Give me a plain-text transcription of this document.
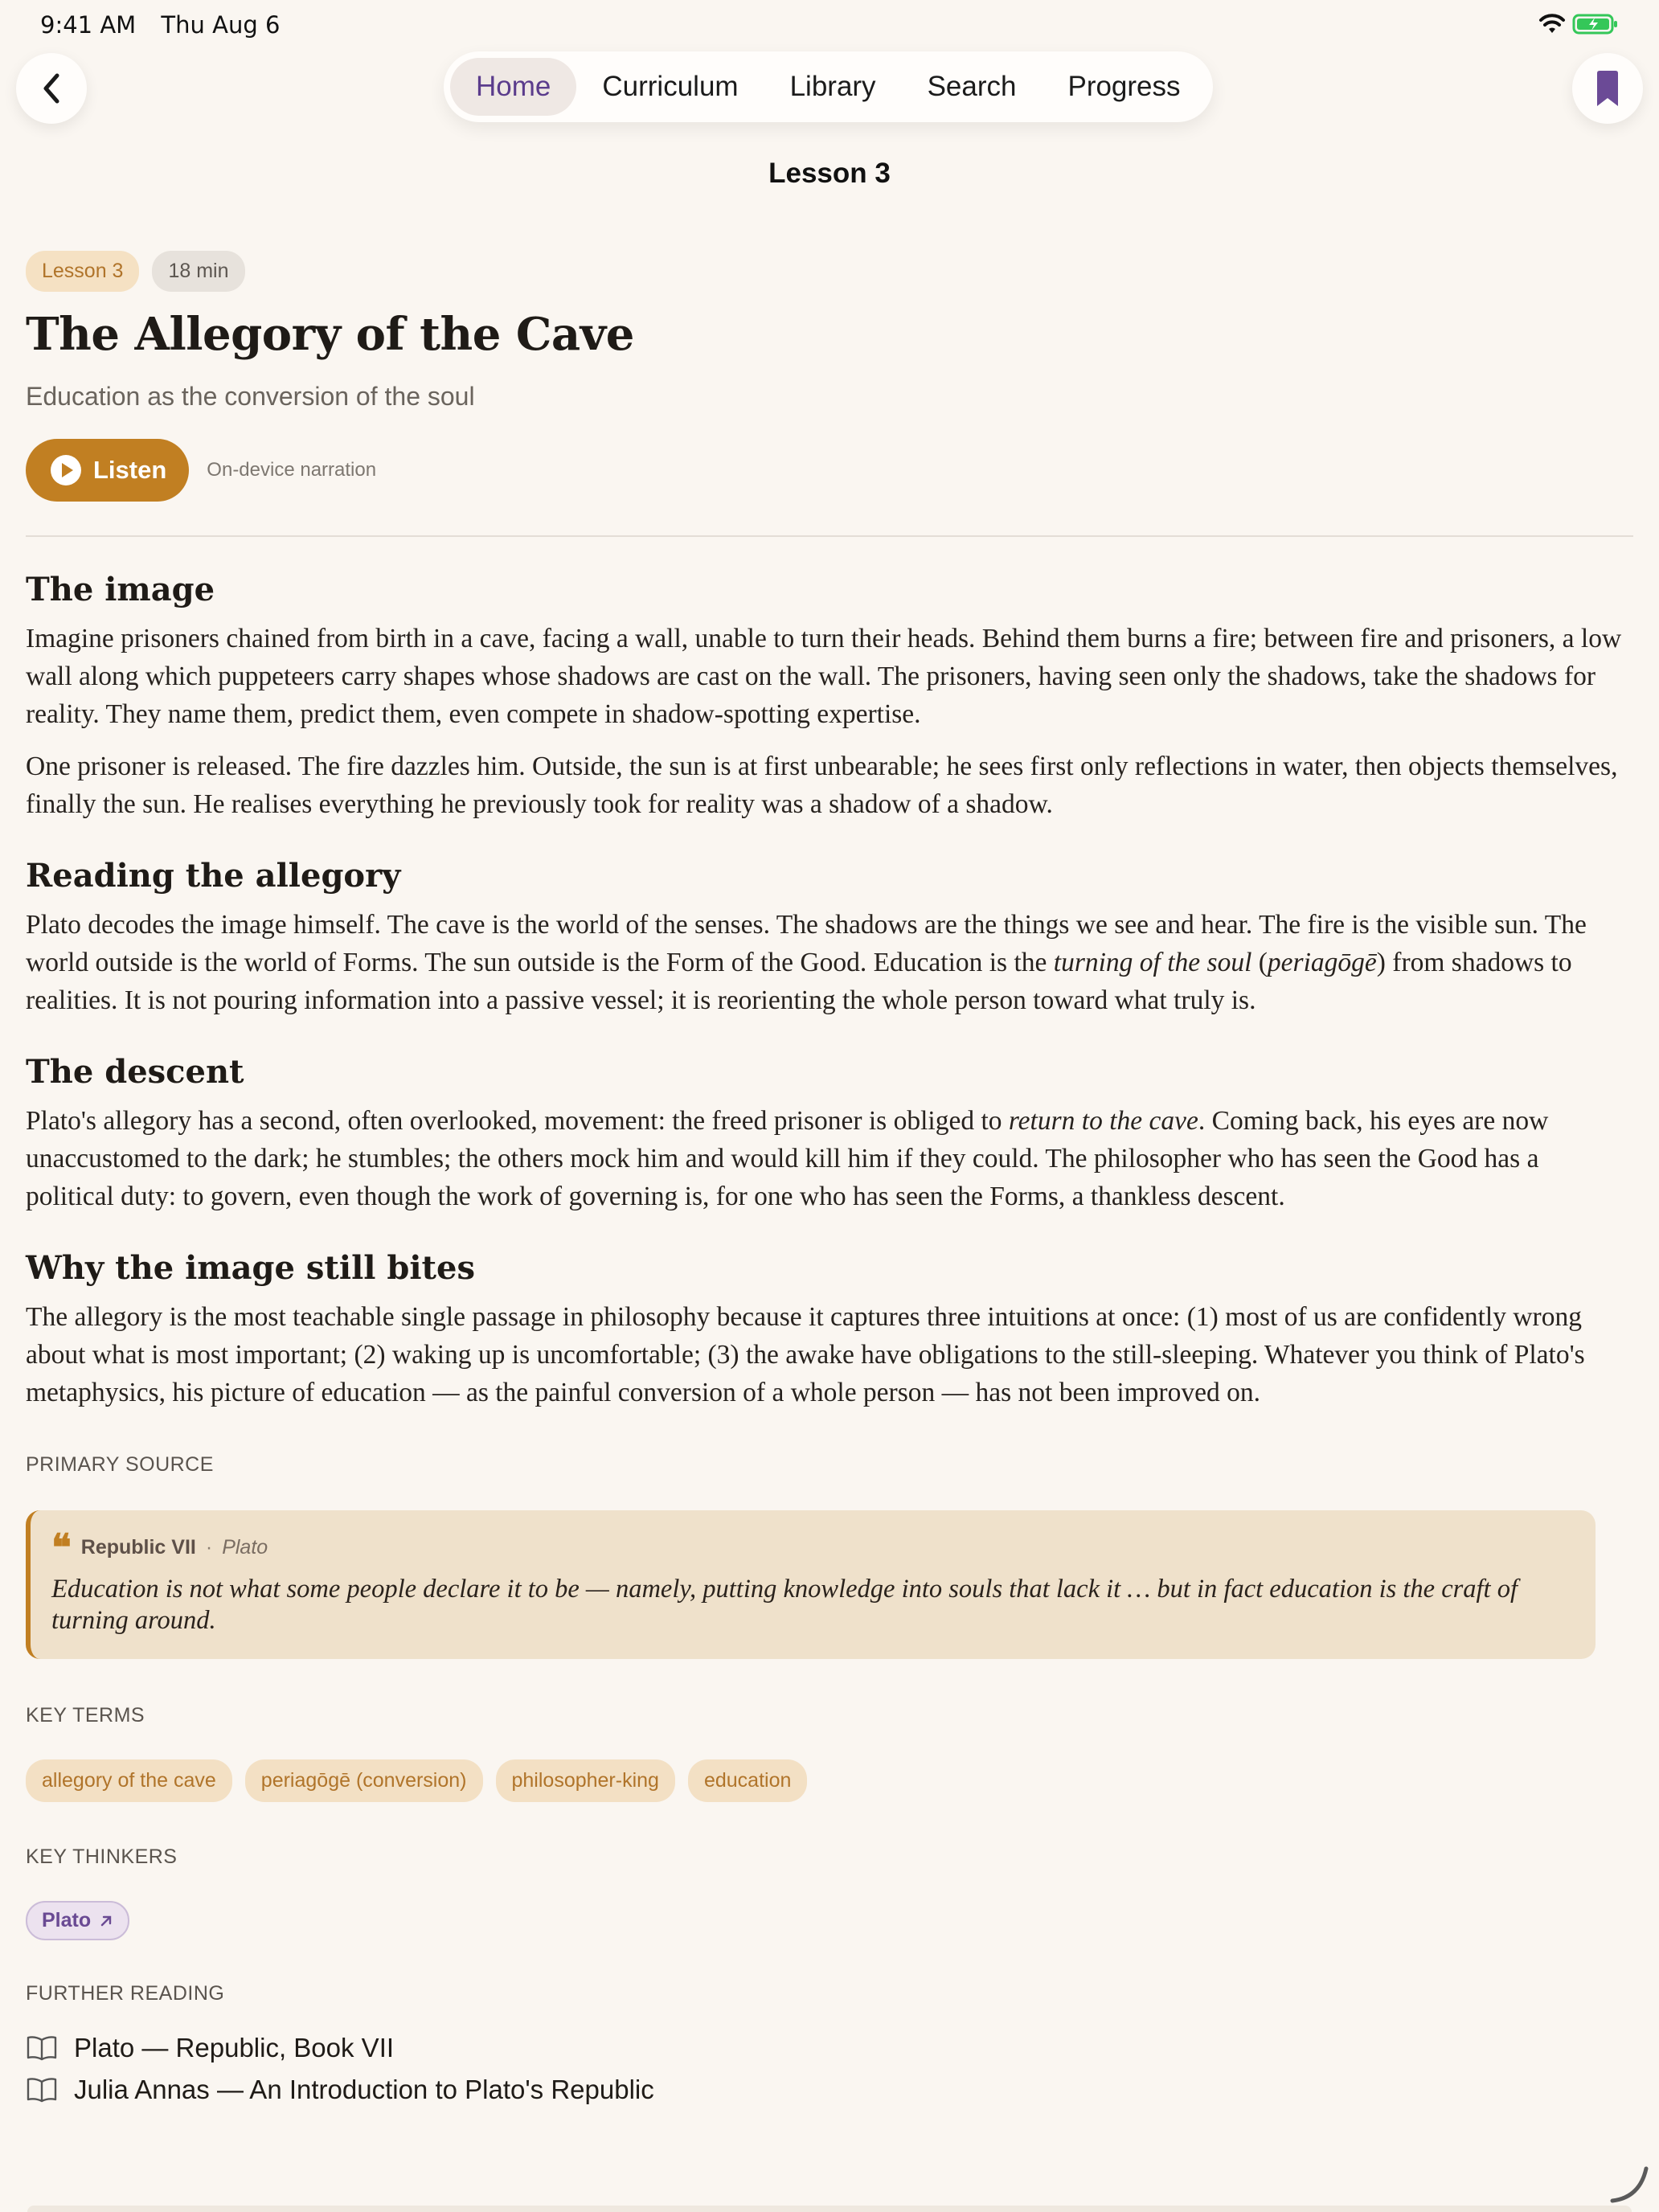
9:41 AM Thu Aug 6
Home	Curriculum	Library	Search	Progress
Lesson 3
Lesson 3	18 min
The Allegory of the Cave
Education as the conversion of the soul
Listen On-device narration
The image

Imagine prisoners chained from birth in a cave, facing a wall, unable to turn their heads. Behind them burns a fire; between fire and prisoners, a low wall along which puppeteers carry shapes whose shadows are cast on the wall. The prisoners, having seen only the shadows, take the shadows for reality. They name them, predict them, even compete in shadow-spotting expertise.

One prisoner is released. The fire dazzles him. Outside, the sun is at first unbearable; he sees first only reflections in water, then objects themselves, finally the sun. He realises everything he previously took for reality was a shadow of a shadow.

Reading the allegory

Plato decodes the image himself. The cave is the world of the senses. The shadows are the things we see and hear. The fire is the visible sun. The world outside is the world of Forms. The sun outside is the Form of the Good. Education is the turning of the soul (periagōgē) from shadows to realities. It is not pouring information into a passive vessel; it is reorienting the whole person toward what truly is.

The descent

Plato's allegory has a second, often overlooked, movement: the freed prisoner is obliged to return to the cave. Coming back, his eyes are now unaccustomed to the dark; he stumbles; the others mock him and would kill him if they could. The philosopher who has seen the Good has a political duty: to govern, even though the work of governing is, for one who has seen the Forms, a thankless descent.

Why the image still bites

The allegory is the most teachable single passage in philosophy because it captures three intuitions at once: (1) most of us are confidently wrong about what is most important; (2) waking up is uncomfortable; (3) the awake have obligations to the still-sleeping. Whatever you think of Plato's metaphysics, his picture of education — as the painful conversion of a whole person — has not been improved on.

PRIMARY SOURCE
❝ Republic VII · Plato
Education is not what some people declare it to be — namely, putting knowledge into souls that lack it … but in fact education is the craft of turning around.
KEY TERMS
allegory of the cave	periagōgē (conversion)	philosopher-king	education
KEY THINKERS
Plato
FURTHER READING
Plato — Republic, Book VII
Julia Annas — An Introduction to Plato's Republic
